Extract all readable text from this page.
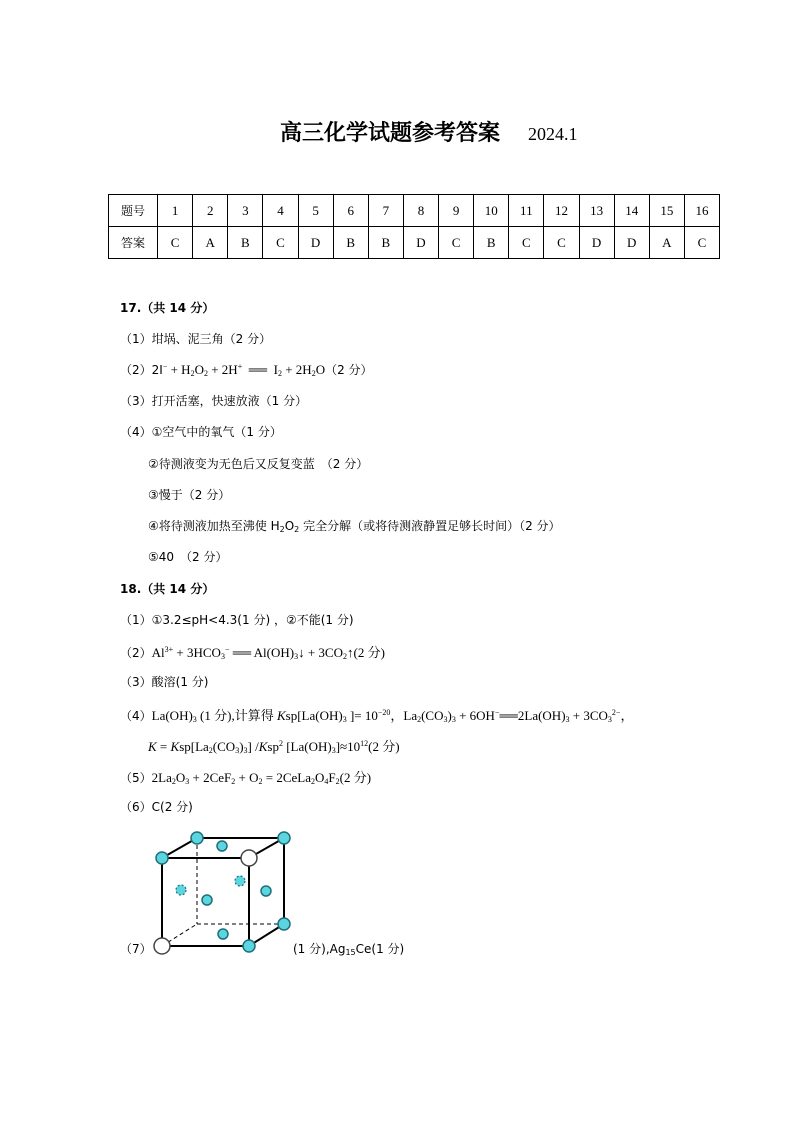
高三化学试题参考答案 2024.1
题号	1	2	3	4	5	6	7	8	9	10	11	12	13	14	15	16
答案	C	A	B	C	D	B	B	D	C	B	C	C	D	D	A	C
17.（共 14 分）
（1）坩埚、泥三角（2 分）
$(2)2I^- + H_2O_2 + 2H^+$  ══  $I_2 + 2H_2O(2$ 分）
（3）打开活塞，快速放液（1 分）
（4）①空气中的氧气（1 分）
②待测液变为无色后又反复变蓝　（2 分）
③慢于（2 分）
④将待测液加热至沸使 $H_2O_2$ 完全分解（或将待测液静置足够长时间）（2 分）
⑤40　（2 分）
18.（共 14 分）
（1）①3.2≤pH<4.3(1 分) ，②不能(1 分)
$(2)Al^{3+} + 3HCO_3^-$ ══ $Al(OH)_3↓$ + $3CO_2↑(2$ 分)
（3）酸溶(1 分)
$(4)La(OH)_3$ (1 分),计算得 $Ksp[La(OH)_3$ ]= $10^{-20}$，$La_2(CO_3)_3$ + $6OH^-══2La(OH)_3 + 3CO_3^{2-}$，
$K = Ksp[La_2(CO_3)_3]$ /Ksp$^2$ $[La(OH)_3]\approx 10^{12}(2$ 分)
$(5)2La_2O_3 + 2CeF_2 + O_2$ = $2CeLa_2O_4F_2(2$ 分)
（6）C(2 分)
（7）	(1 分)$,Ag_{15}Ce(1$ 分)
